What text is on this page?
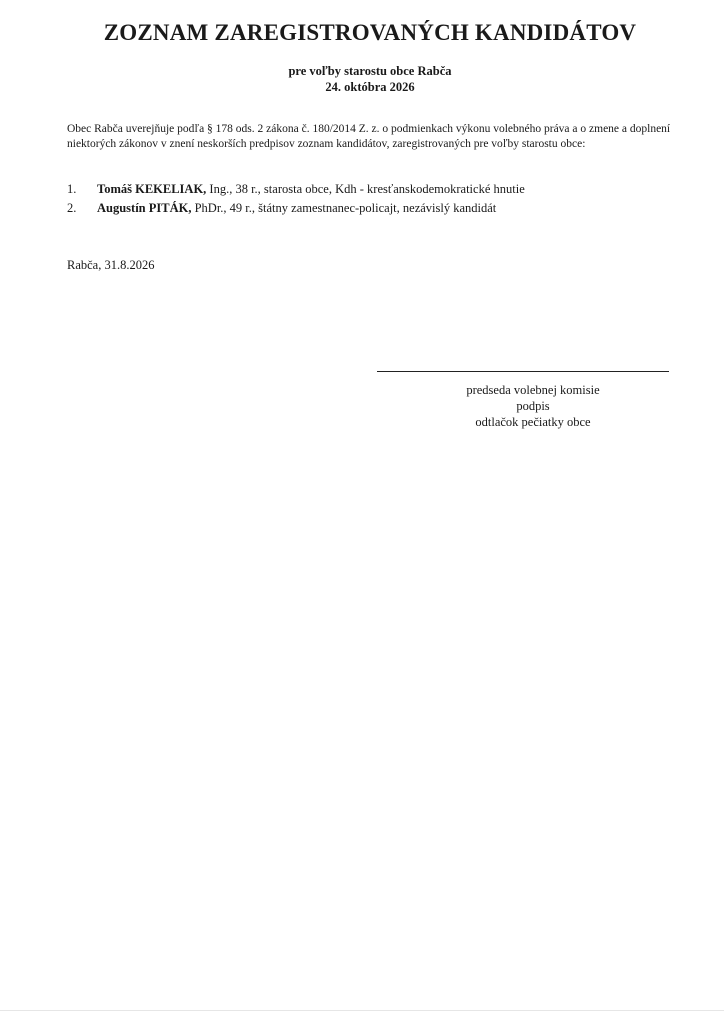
ZOZNAM ZAREGISTROVANÝCH KANDIDÁTOV
pre voľby starostu obce Rabča
24. októbra 2026
Obec Rabča uverejňuje podľa § 178 ods. 2 zákona č. 180/2014 Z. z. o podmienkach výkonu volebného práva a o zmene a doplnení niektorých zákonov v znení neskorších predpisov zoznam kandidátov, zaregistrovaných pre voľby starostu obce:
1. Tomáš KEKELIAK, Ing., 38 r., starosta obce, Kdh - kresťanskodemokratické hnutie
2. Augustín PITÁK, PhDr., 49 r., štátny zamestnanec-policajt, nezávislý kandidát
Rabča, 31.8.2026
predseda volebnej komisie
podpis
odtlačok pečiatky obce
